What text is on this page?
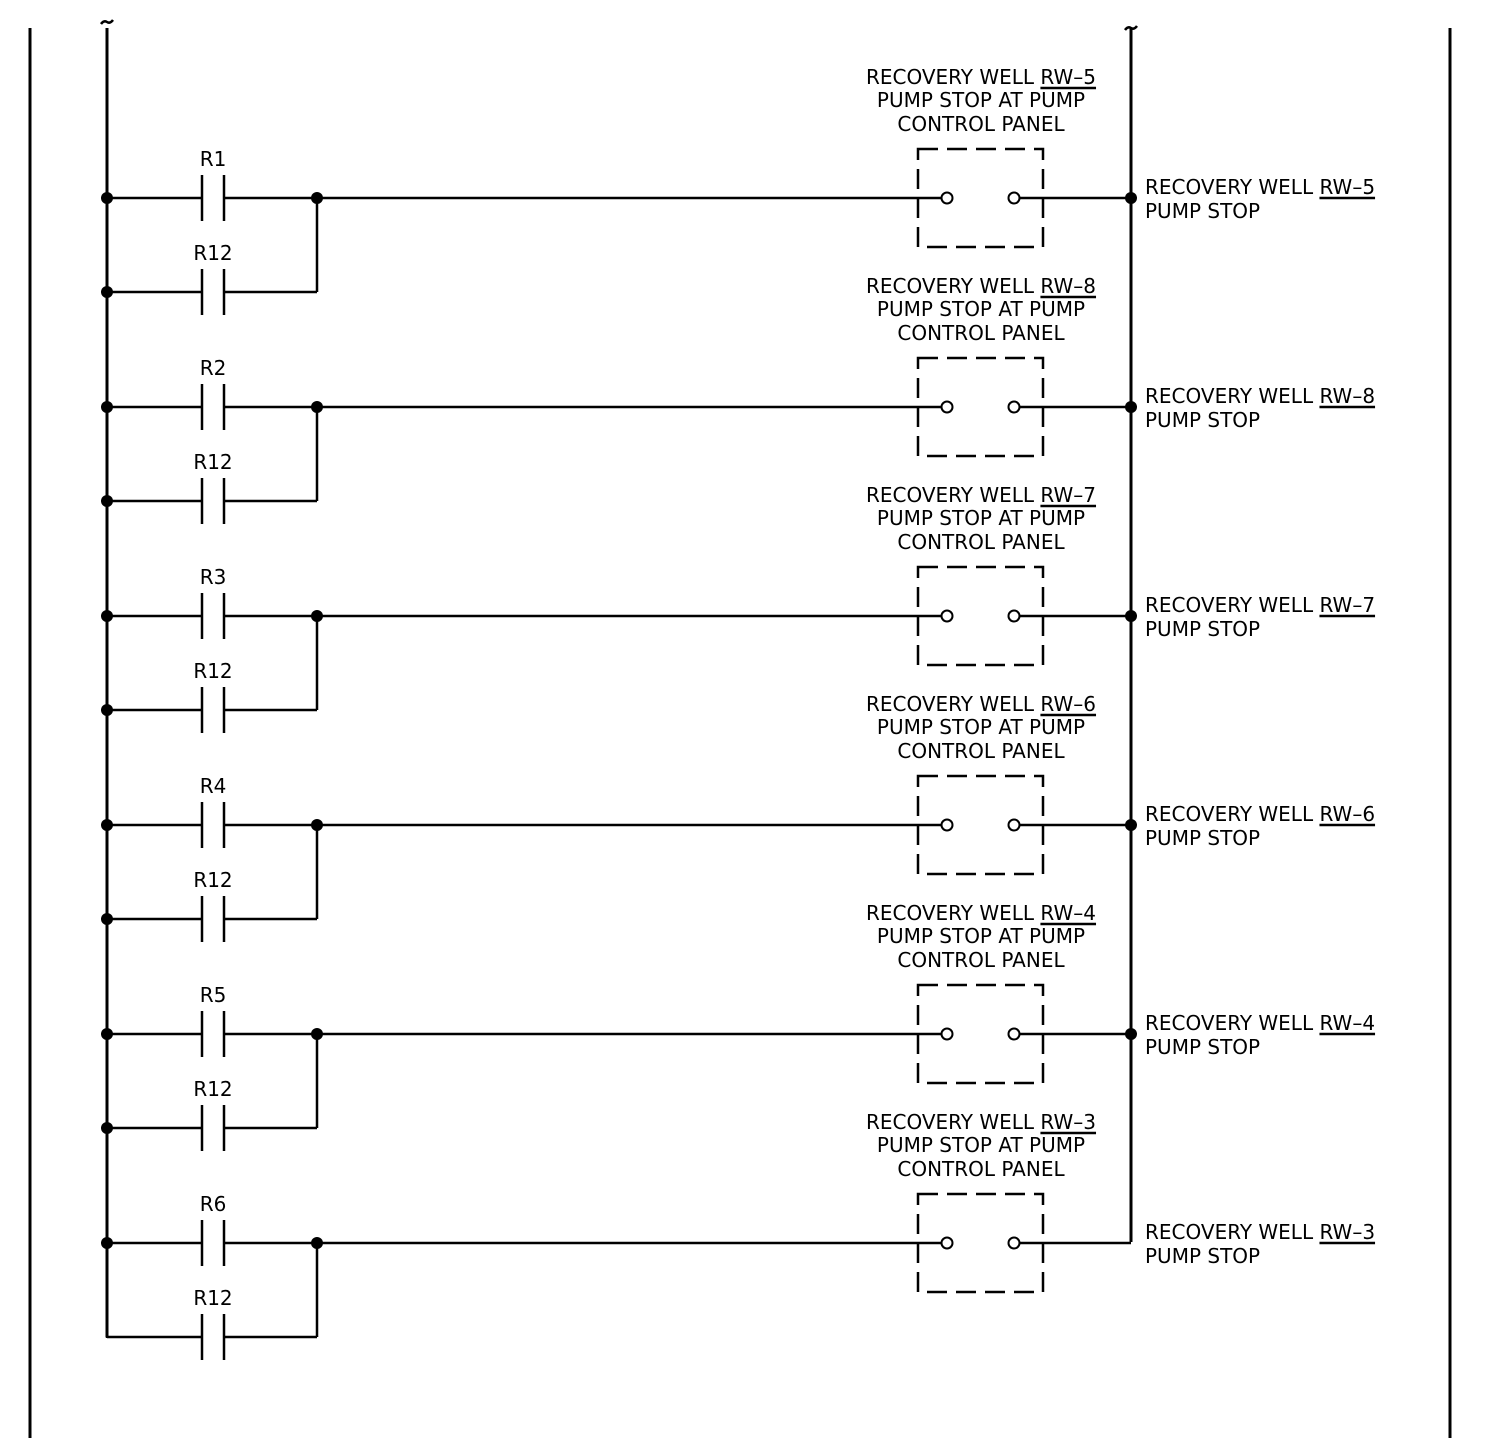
R1
R12
RECOVERY WELL RW–5
PUMP STOP AT PUMP
CONTROL PANEL
RECOVERY WELL RW–5
PUMP STOP
R2
R12
RECOVERY WELL RW–8
PUMP STOP AT PUMP
CONTROL PANEL
RECOVERY WELL RW–8
PUMP STOP
R3
R12
RECOVERY WELL RW–7
PUMP STOP AT PUMP
CONTROL PANEL
RECOVERY WELL RW–7
PUMP STOP
R4
R12
RECOVERY WELL RW–6
PUMP STOP AT PUMP
CONTROL PANEL
RECOVERY WELL RW–6
PUMP STOP
R5
R12
RECOVERY WELL RW–4
PUMP STOP AT PUMP
CONTROL PANEL
RECOVERY WELL RW–4
PUMP STOP
R6
R12
RECOVERY WELL RW–3
PUMP STOP AT PUMP
CONTROL PANEL
RECOVERY WELL RW–3
PUMP STOP
